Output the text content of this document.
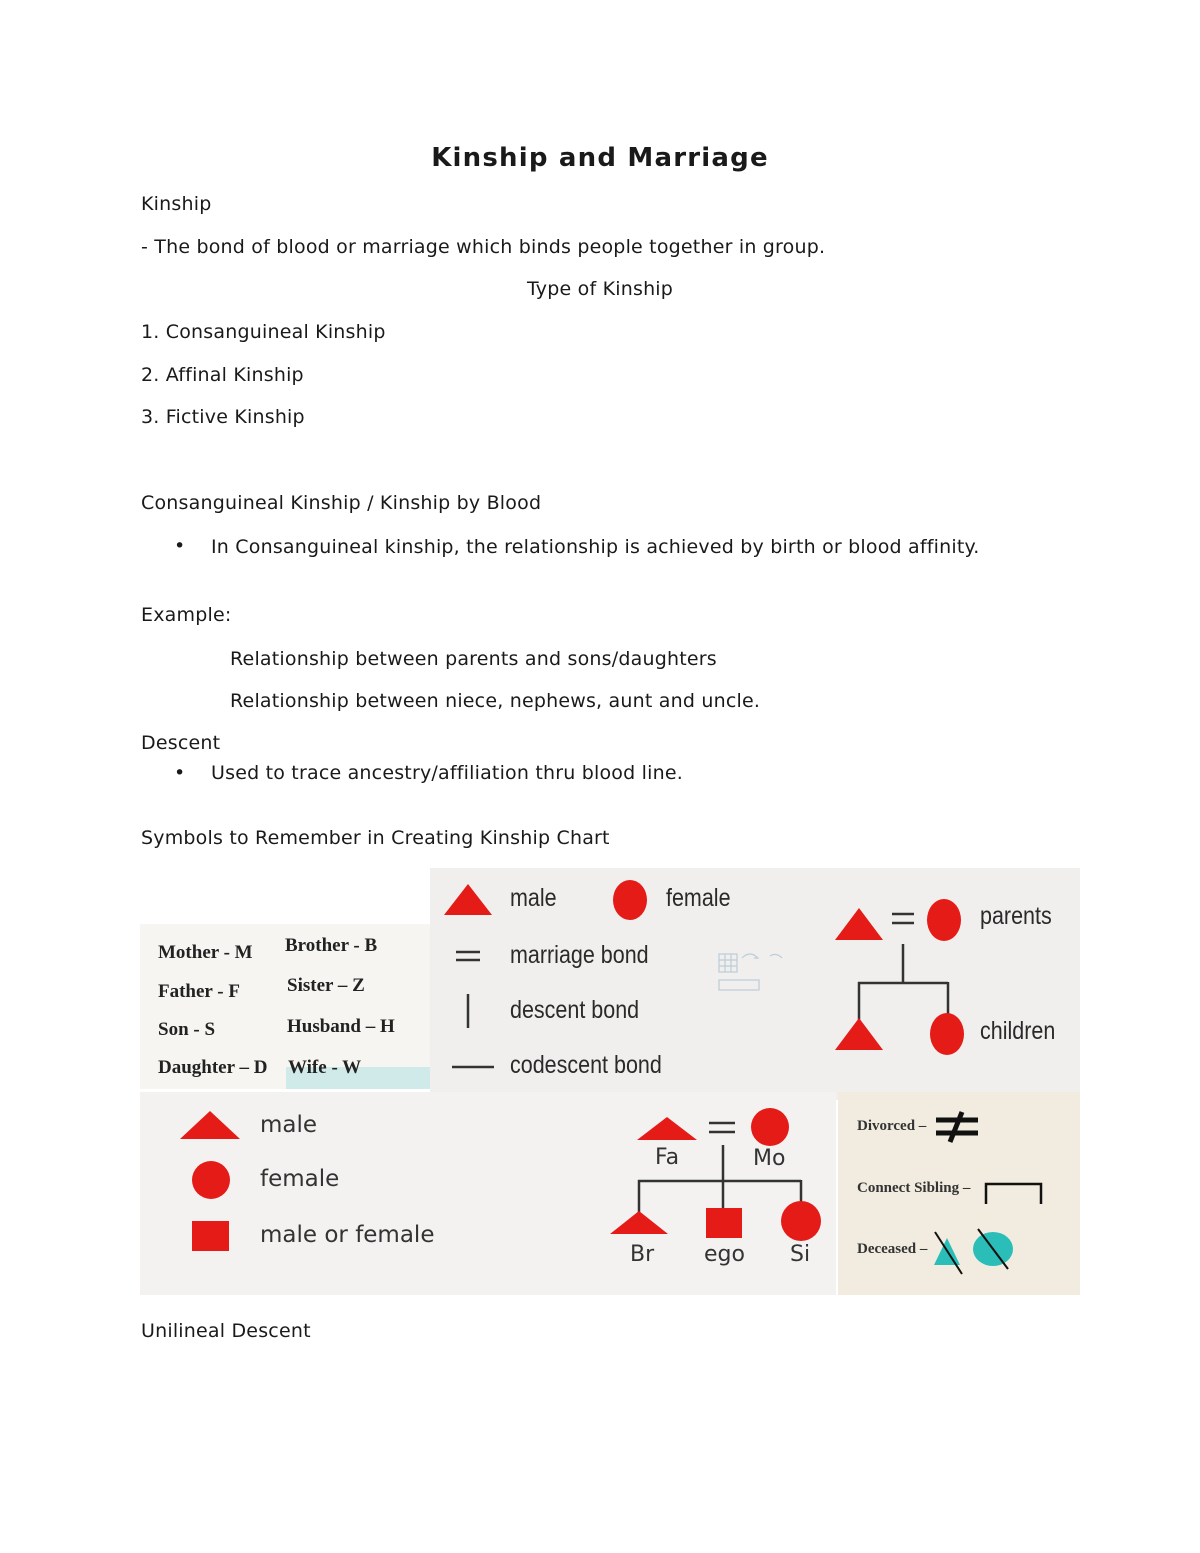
Kinship and Marriage
Kinship
- The bond of blood or marriage which binds people together in group.
Type of Kinship
1. Consanguineal Kinship
2. Affinal Kinship
3. Fictive Kinship
Consanguineal Kinship / Kinship by Blood
• In Consanguineal kinship, the relationship is achieved by birth or blood affinity.
Example:
Relationship between parents and sons/daughters
Relationship between niece, nephews, aunt and uncle.
Descent
• Used to trace ancestry/affiliation thru blood line.
Symbols to Remember in Creating Kinship Chart
male	female
marriage bond
descent bond
codescent bond
parents
children
Mother - M
Father - F
Son - S
Daughter – D
Brother - B
Sister – Z
Husband – H
Wife - W
male
female
male or female
Fa	Mo
Br ego Si
Divorced –
Connect Sibling –
Deceased –
Unilineal Descent
